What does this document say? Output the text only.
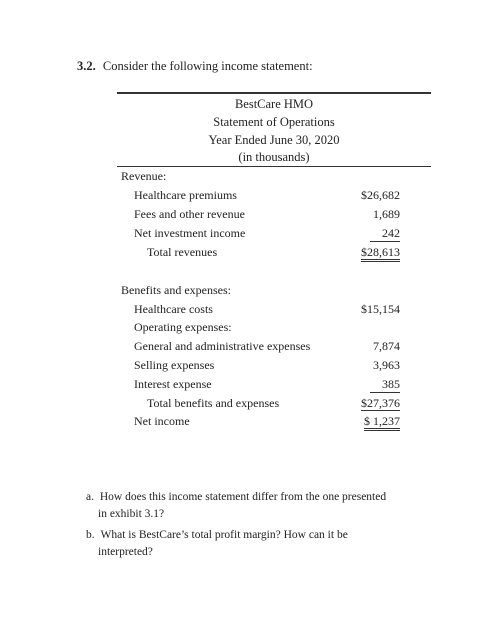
3.2. Consider the following income statement:
BestCare HMO
Statement of Operations
Year Ended June 30, 2020
(in thousands)
Revenue:
Healthcare premiums	$26,682
Fees and other revenue	1,689
Net investment income	242
Total revenues	$28,613
Benefits and expenses:
Healthcare costs	$15,154
Operating expenses:
General and administrative expenses	7,874
Selling expenses	3,963
Interest expense	385
Total benefits and expenses	$27,376
Net income	$ 1,237
a. How does this income statement differ from the one presented
in exhibit 3.1?
b. What is BestCare’s total profit margin? How can it be
interpreted?
